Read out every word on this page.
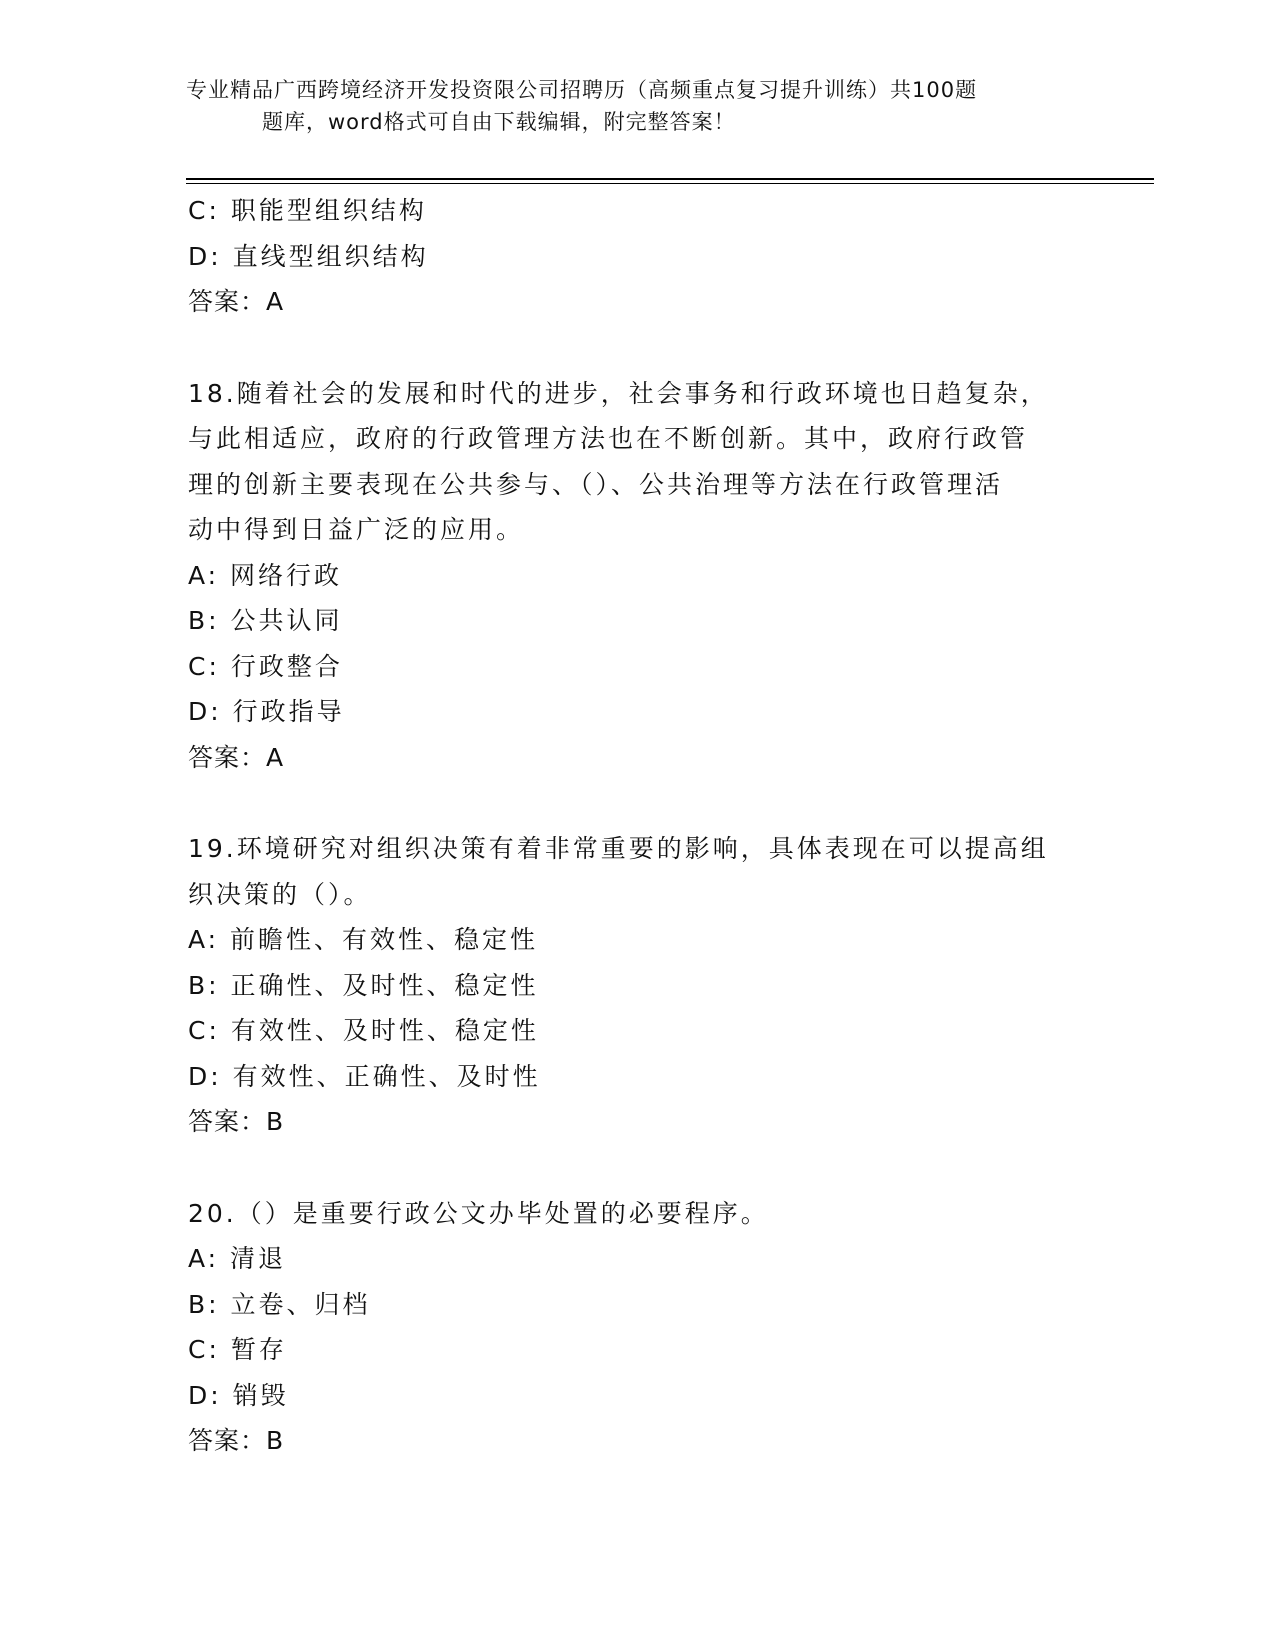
专业精品广西跨境经济开发投资限公司招聘历（高频重点复习提升训练）共100题
题库，word格式可自由下载编辑，附完整答案！
C: 职能型组织结构
D: 直线型组织结构
答案：A
18.随着社会的发展和时代的进步，社会事务和行政环境也日趋复杂，
与此相适应，政府的行政管理方法也在不断创新。其中，政府行政管
理的创新主要表现在公共参与、（）、公共治理等方法在行政管理活
动中得到日益广泛的应用。
A: 网络行政
B: 公共认同
C: 行政整合
D: 行政指导
答案：A
19.环境研究对组织决策有着非常重要的影响，具体表现在可以提高组
织决策的（）。
A: 前瞻性、有效性、稳定性
B: 正确性、及时性、稳定性
C: 有效性、及时性、稳定性
D: 有效性、正确性、及时性
答案：B
20.（）是重要行政公文办毕处置的必要程序。
A: 清退
B: 立卷、归档
C: 暂存
D: 销毁
答案：B
